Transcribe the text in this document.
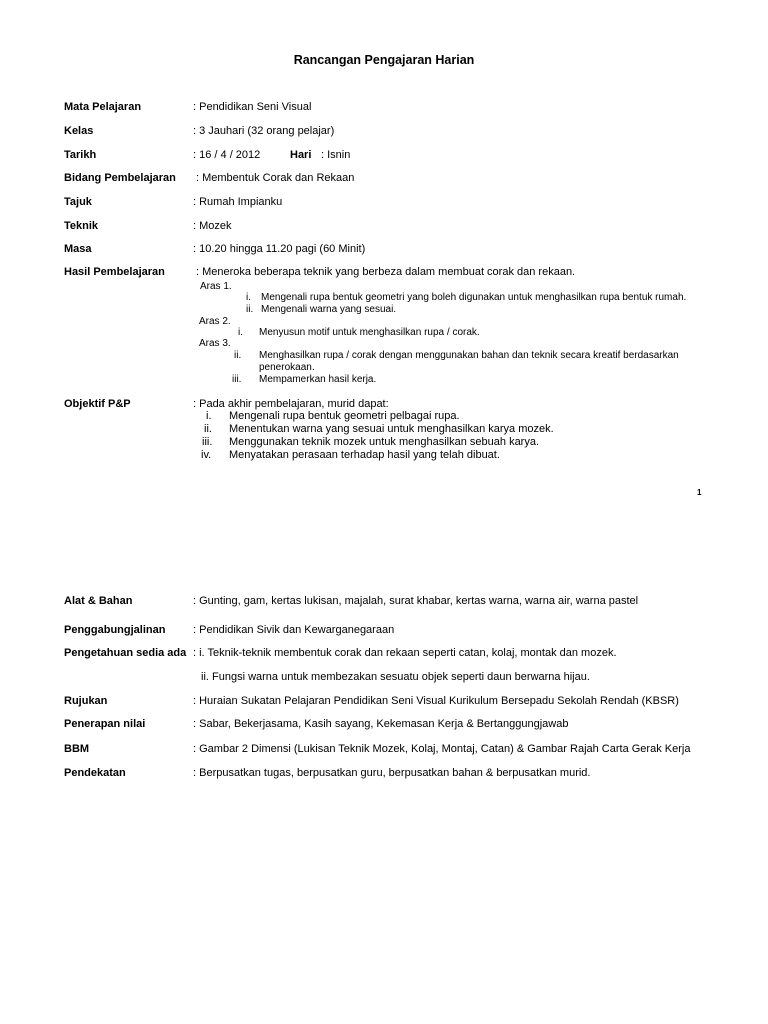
Rancangan Pengajaran Harian
Mata Pelajaran	: Pendidikan Seni Visual
Kelas	: 3 Jauhari (32 orang pelajar)
Tarikh	: 16 / 4 / 2012	Hari : Isnin
Bidang Pembelajaran : Membentuk Corak dan Rekaan
Tajuk	: Rumah Impianku
Teknik	: Mozek
Masa	: 10.20 hingga 11.20 pagi (60 Minit)
Hasil Pembelajaran	: Meneroka beberapa teknik yang berbeza dalam membuat corak dan rekaan.
Aras 1.
i. Mengenali rupa bentuk geometri yang boleh digunakan untuk menghasilkan rupa bentuk rumah.
ii. Mengenali warna yang sesuai.
Aras 2.
i. Menyusun motif untuk menghasilkan rupa / corak.
Aras 3.
ii. Menghasilkan rupa / corak dengan menggunakan bahan dan teknik secara kreatif berdasarkan
penerokaan.
iii. Mempamerkan hasil kerja.
Objektif P&P	: Pada akhir pembelajaran, murid dapat:
i. Mengenali rupa bentuk geometri pelbagai rupa.
ii. Menentukan warna yang sesuai untuk menghasilkan karya mozek.
iii. Menggunakan teknik mozek untuk menghasilkan sebuah karya.
iv. Menyatakan perasaan terhadap hasil yang telah dibuat.
1
Alat & Bahan	: Gunting, gam, kertas lukisan, majalah, surat khabar, kertas warna, warna air, warna pastel
Penggabungjalinan	: Pendidikan Sivik dan Kewarganegaraan
Pengetahuan sedia ada : i. Teknik-teknik membentuk corak dan rekaan seperti catan, kolaj, montak dan mozek.
ii. Fungsi warna untuk membezakan sesuatu objek seperti daun berwarna hijau.
Rujukan	: Huraian Sukatan Pelajaran Pendidikan Seni Visual Kurikulum Bersepadu Sekolah Rendah (KBSR)
Penerapan nilai	: Sabar, Bekerjasama, Kasih sayang, Kekemasan Kerja & Bertanggungjawab
BBM	: Gambar 2 Dimensi (Lukisan Teknik Mozek, Kolaj, Montaj, Catan) & Gambar Rajah Carta Gerak Kerja
Pendekatan	: Berpusatkan tugas, berpusatkan guru, berpusatkan bahan & berpusatkan murid.
